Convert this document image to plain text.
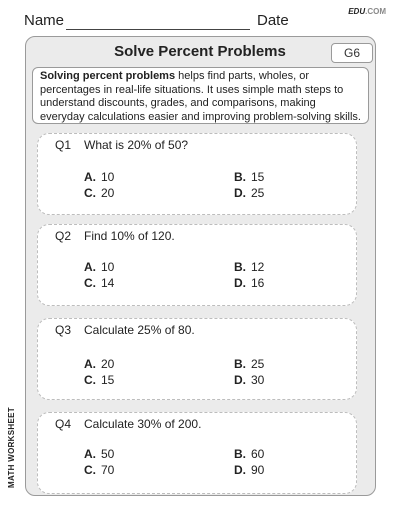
Name	Date
EDU.COM
MATH WORKSHEET
Solve Percent Problems	G6
Solving percent problems helps find parts, wholes, or percentages in real-life situations. It uses simple math steps to understand discounts, grades, and comparisons, making everyday calculations easier and improving problem-solving skills.
Q1 What is 20% of 50?
A. 10	B. 15
C. 20	D. 25
Q2 Find 10% of 120.
A. 10	B. 12
C. 14	D. 16
Q3 Calculate 25% of 80.
A. 20	B. 25
C. 15	D. 30
Q4 Calculate 30% of 200.
A. 50	B. 60
C. 70	D. 90
